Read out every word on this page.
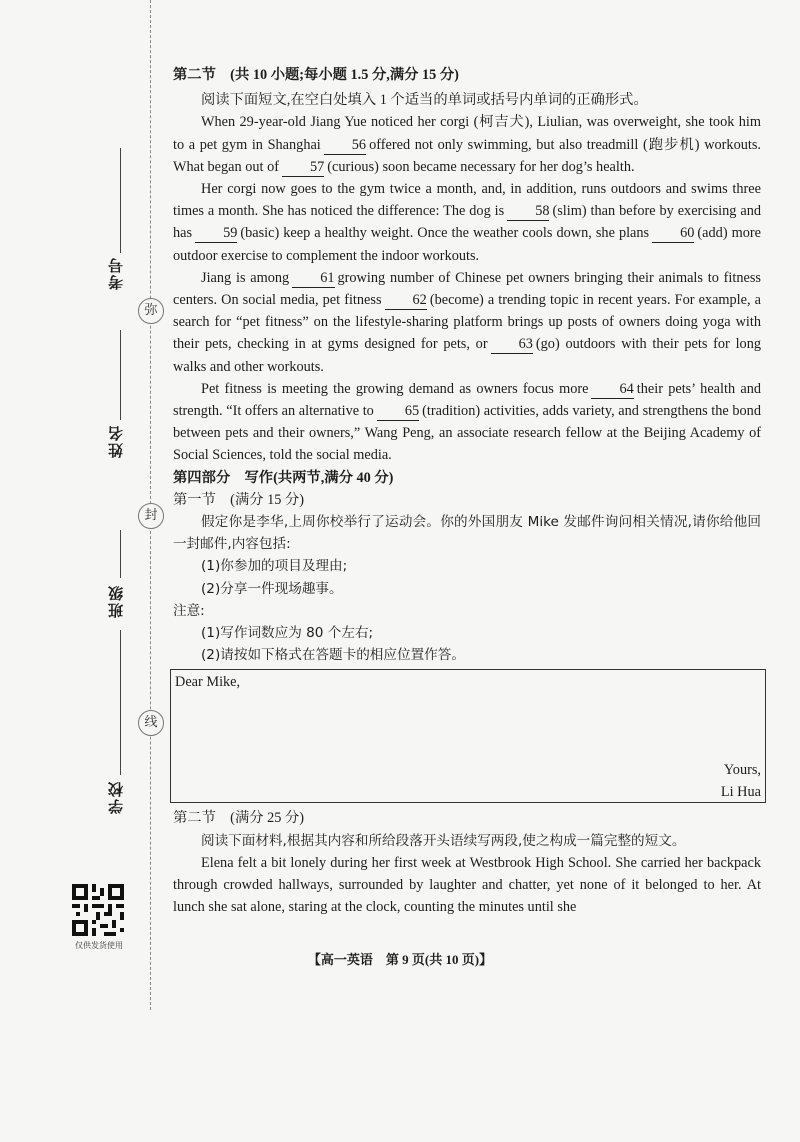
弥
封
线
考号
姓名
班级
学校
仅供发货使用

第二节　(共 10 小题;每小题 1.5 分,满分 15 分)

阅读下面短文,在空白处填入 1 个适当的单词或括号内单词的正确形式。

When 29-year-old Jiang Yue noticed her corgi (柯吉犬), Liulian, was overweight, she took him to a pet gym in Shanghai 56 offered not only swimming, but also treadmill (跑步机) workouts. What began out of 57 (curious) soon became necessary for her dog’s health.

Her corgi now goes to the gym twice a month, and, in addition, runs outdoors and swims three times a month. She has noticed the difference: The dog is 58 (slim) than before by exercising and has 59 (basic) keep a healthy weight. Once the weather cools down, she plans 60 (add) more outdoor exercise to complement the indoor workouts.

Jiang is among 61 growing number of Chinese pet owners bringing their animals to fitness centers. On social media, pet fitness 62 (become) a trending topic in recent years. For example, a search for “pet fitness” on the lifestyle-sharing platform brings up posts of owners doing yoga with their pets, checking in at gyms designed for pets, or 63 (go) outdoors with their pets for long walks and other workouts.

Pet fitness is meeting the growing demand as owners focus more 64 their pets’ health and strength. “It offers an alternative to 65 (tradition) activities, adds variety, and strengthens the bond between pets and their owners,” Wang Peng, an associate research fellow at the Beijing Academy of Social Sciences, told the social media.

第四部分　写作(共两节,满分 40 分)

第一节　(满分 15 分)

假定你是李华,上周你校举行了运动会。你的外国朋友 Mike 发邮件询问相关情况,请你给他回一封邮件,内容包括:

(1)你参加的项目及理由;

(2)分享一件现场趣事。

注意:

(1)写作词数应为 80 个左右;

(2)请按如下格式在答题卡的相应位置作答。

Dear Mike,
Yours,
Li Hua

第二节　(满分 25 分)

阅读下面材料,根据其内容和所给段落开头语续写两段,使之构成一篇完整的短文。

Elena felt a bit lonely during her first week at Westbrook High School. She carried her backpack through crowded hallways, surrounded by laughter and chatter, yet none of it belonged to her. At lunch she sat alone, staring at the clock, counting the minutes until she

【高一英语　第 9 页(共 10 页)】
